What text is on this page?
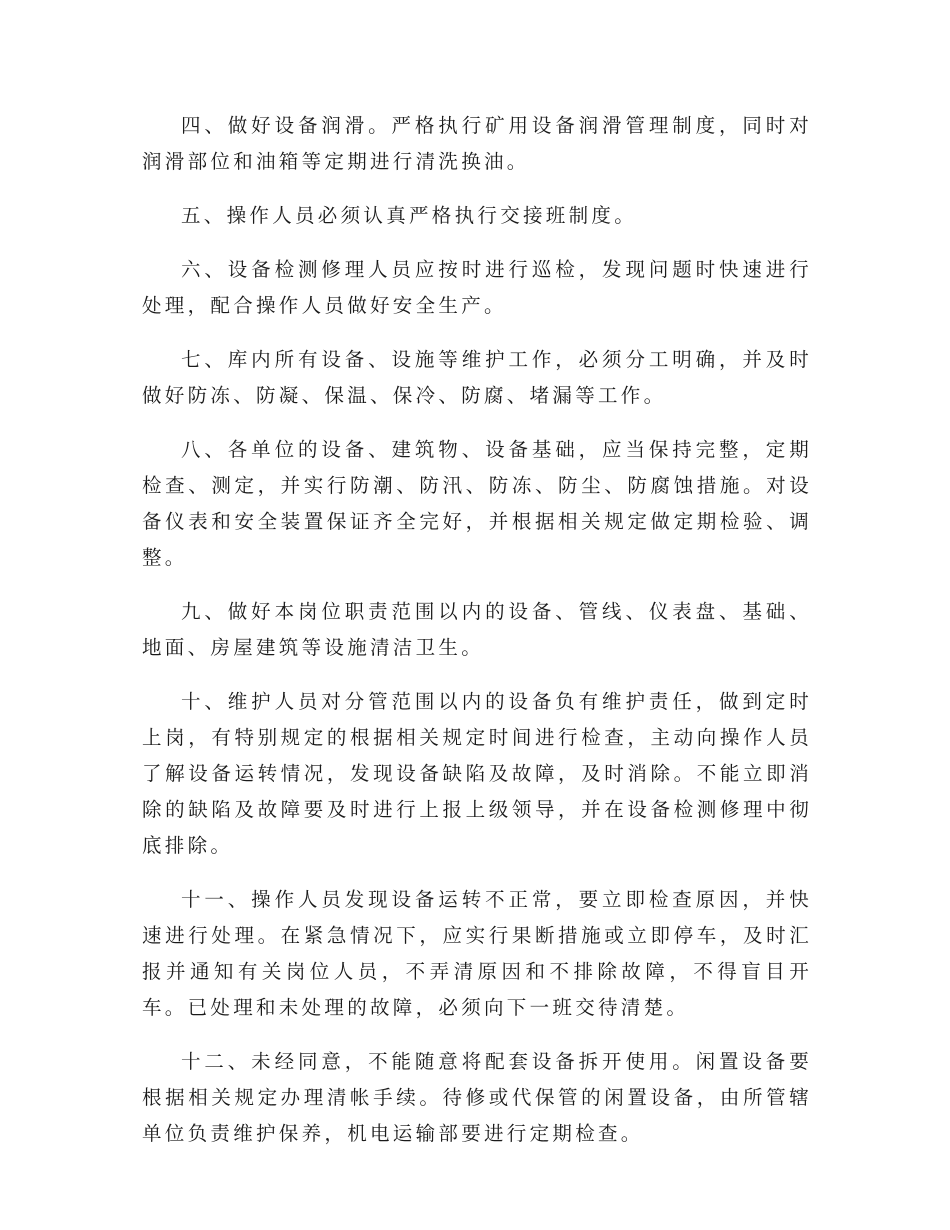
四、做好设备润滑。严格执行矿用设备润滑管理制度，同时对润滑部位和油箱等定期进行清洗换油。

五、操作人员必须认真严格执行交接班制度。

六、设备检测修理人员应按时进行巡检，发现问题时快速进行处理，配合操作人员做好安全生产。

七、库内所有设备、设施等维护工作，必须分工明确，并及时做好防冻、防凝、保温、保冷、防腐、堵漏等工作。

八、各单位的设备、建筑物、设备基础，应当保持完整，定期检查、测定，并实行防潮、防汛、防冻、防尘、防腐蚀措施。对设备仪表和安全装置保证齐全完好，并根据相关规定做定期检验、调整。

九、做好本岗位职责范围以内的设备、管线、仪表盘、基础、地面、房屋建筑等设施清洁卫生。

十、维护人员对分管范围以内的设备负有维护责任，做到定时上岗，有特别规定的根据相关规定时间进行检查，主动向操作人员了解设备运转情况，发现设备缺陷及故障，及时消除。不能立即消除的缺陷及故障要及时进行上报上级领导，并在设备检测修理中彻底排除。

十一、操作人员发现设备运转不正常，要立即检查原因，并快速进行处理。在紧急情况下，应实行果断措施或立即停车，及时汇报并通知有关岗位人员，不弄清原因和不排除故障，不得盲目开车。已处理和未处理的故障，必须向下一班交待清楚。

十二、未经同意，不能随意将配套设备拆开使用。闲置设备要根据相关规定办理清帐手续。待修或代保管的闲置设备，由所管辖单位负责维护保养，机电运输部要进行定期检查。
